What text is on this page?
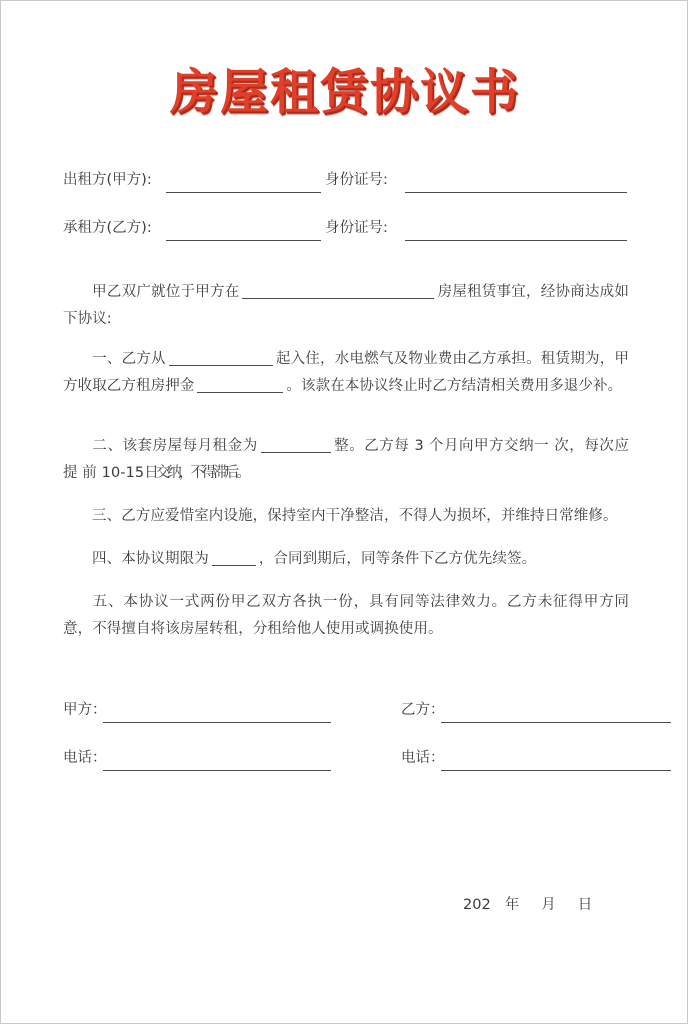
房屋租赁协议书
出租方(甲方):	身份证号:
承租方(乙方):	身份证号:
甲乙双广就位于甲方在	房屋租赁事宜，经协商达成如下协议:
一、乙方从	起入住，水电燃气及物业费由乙方承担。租赁期为，甲方收取乙方租房押金	。该款在本协议终止时乙方结清相关费用多退少补。
二、该套房屋每月租金为	整。乙方每 3 个月向甲方交纳一 次，每次应提 前 10-15日交纳，不得滞后。
三、乙方应爱惜室内设施，保持室内干净整洁，不得人为损坏，并维持日常维修。
四、本协议期限为	，合同到期后，同等条件下乙方优先续签。
五、本协议一式两份甲乙双方各执一份，具有同等法律效力。乙方未征得甲方同意，不得擅自将该房屋转租，分租给他人使用或调换使用。
甲方：	乙方：
电话：	电话：
202 年 月 日
